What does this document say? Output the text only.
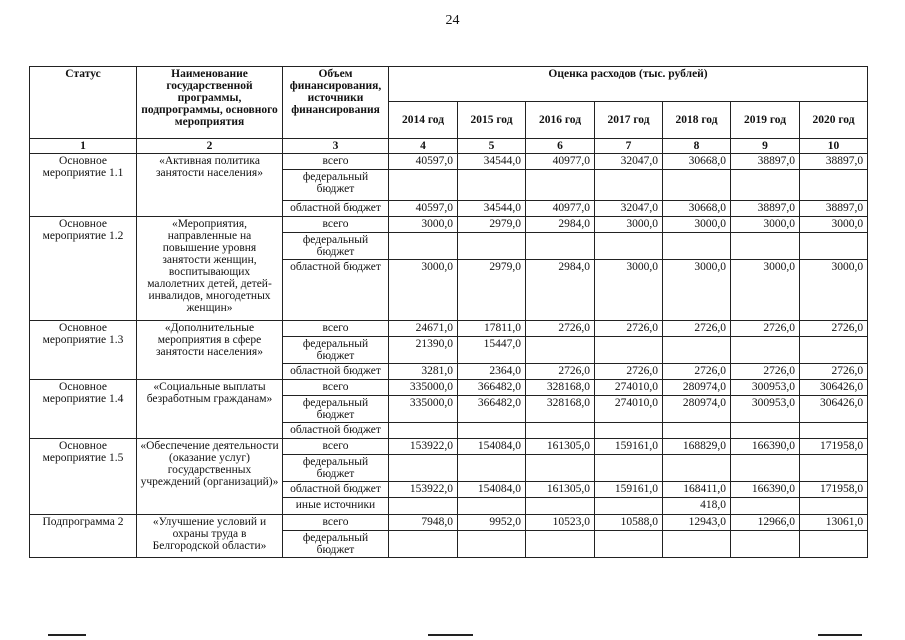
24
Статус	Наименование государственной программы, подпрограммы, основного мероприятия	Объем финансирования, источники финансирования	Оценка расходов (тыс. рублей)						
			2014 год	2015 год	2016 год	2017 год	2018 год	2019 год	2020 год
1	2	3	4	5	6	7	8	9	10
Основное мероприятие 1.1	«Активная политика занятости населения»	всего	40597,0	34544,0	40977,0	32047,0	30668,0	38897,0	38897,0
		федеральный бюджет							
		областной бюджет	40597,0	34544,0	40977,0	32047,0	30668,0	38897,0	38897,0
Основное мероприятие 1.2	«Мероприятия, направленные на повышение уровня занятости женщин, воспитывающих малолетних детей, детей-инвалидов, многодетных женщин»	всего	3000,0	2979,0	2984,0	3000,0	3000,0	3000,0	3000,0
		федеральный бюджет							
		областной бюджет	3000,0	2979,0	2984,0	3000,0	3000,0	3000,0	3000,0
Основное мероприятие 1.3	«Дополнительные мероприятия в сфере занятости населения»	всего	24671,0	17811,0	2726,0	2726,0	2726,0	2726,0	2726,0
		федеральный бюджет	21390,0	15447,0					
		областной бюджет	3281,0	2364,0	2726,0	2726,0	2726,0	2726,0	2726,0
Основное мероприятие 1.4	«Социальные выплаты безработным гражданам»	всего	335000,0	366482,0	328168,0	274010,0	280974,0	300953,0	306426,0
		федеральный бюджет	335000,0	366482,0	328168,0	274010,0	280974,0	300953,0	306426,0
		областной бюджет							
Основное мероприятие 1.5	«Обеспечение деятельности (оказание услуг) государственных учреждений (организаций)»	всего	153922,0	154084,0	161305,0	159161,0	168829,0	166390,0	171958,0
		федеральный бюджет							
		областной бюджет	153922,0	154084,0	161305,0	159161,0	168411,0	166390,0	171958,0
		иные источники					418,0		
Подпрограмма 2	«Улучшение условий и охраны труда в Белгородской области»	всего	7948,0	9952,0	10523,0	10588,0	12943,0	12966,0	13061,0
		федеральный бюджет							
